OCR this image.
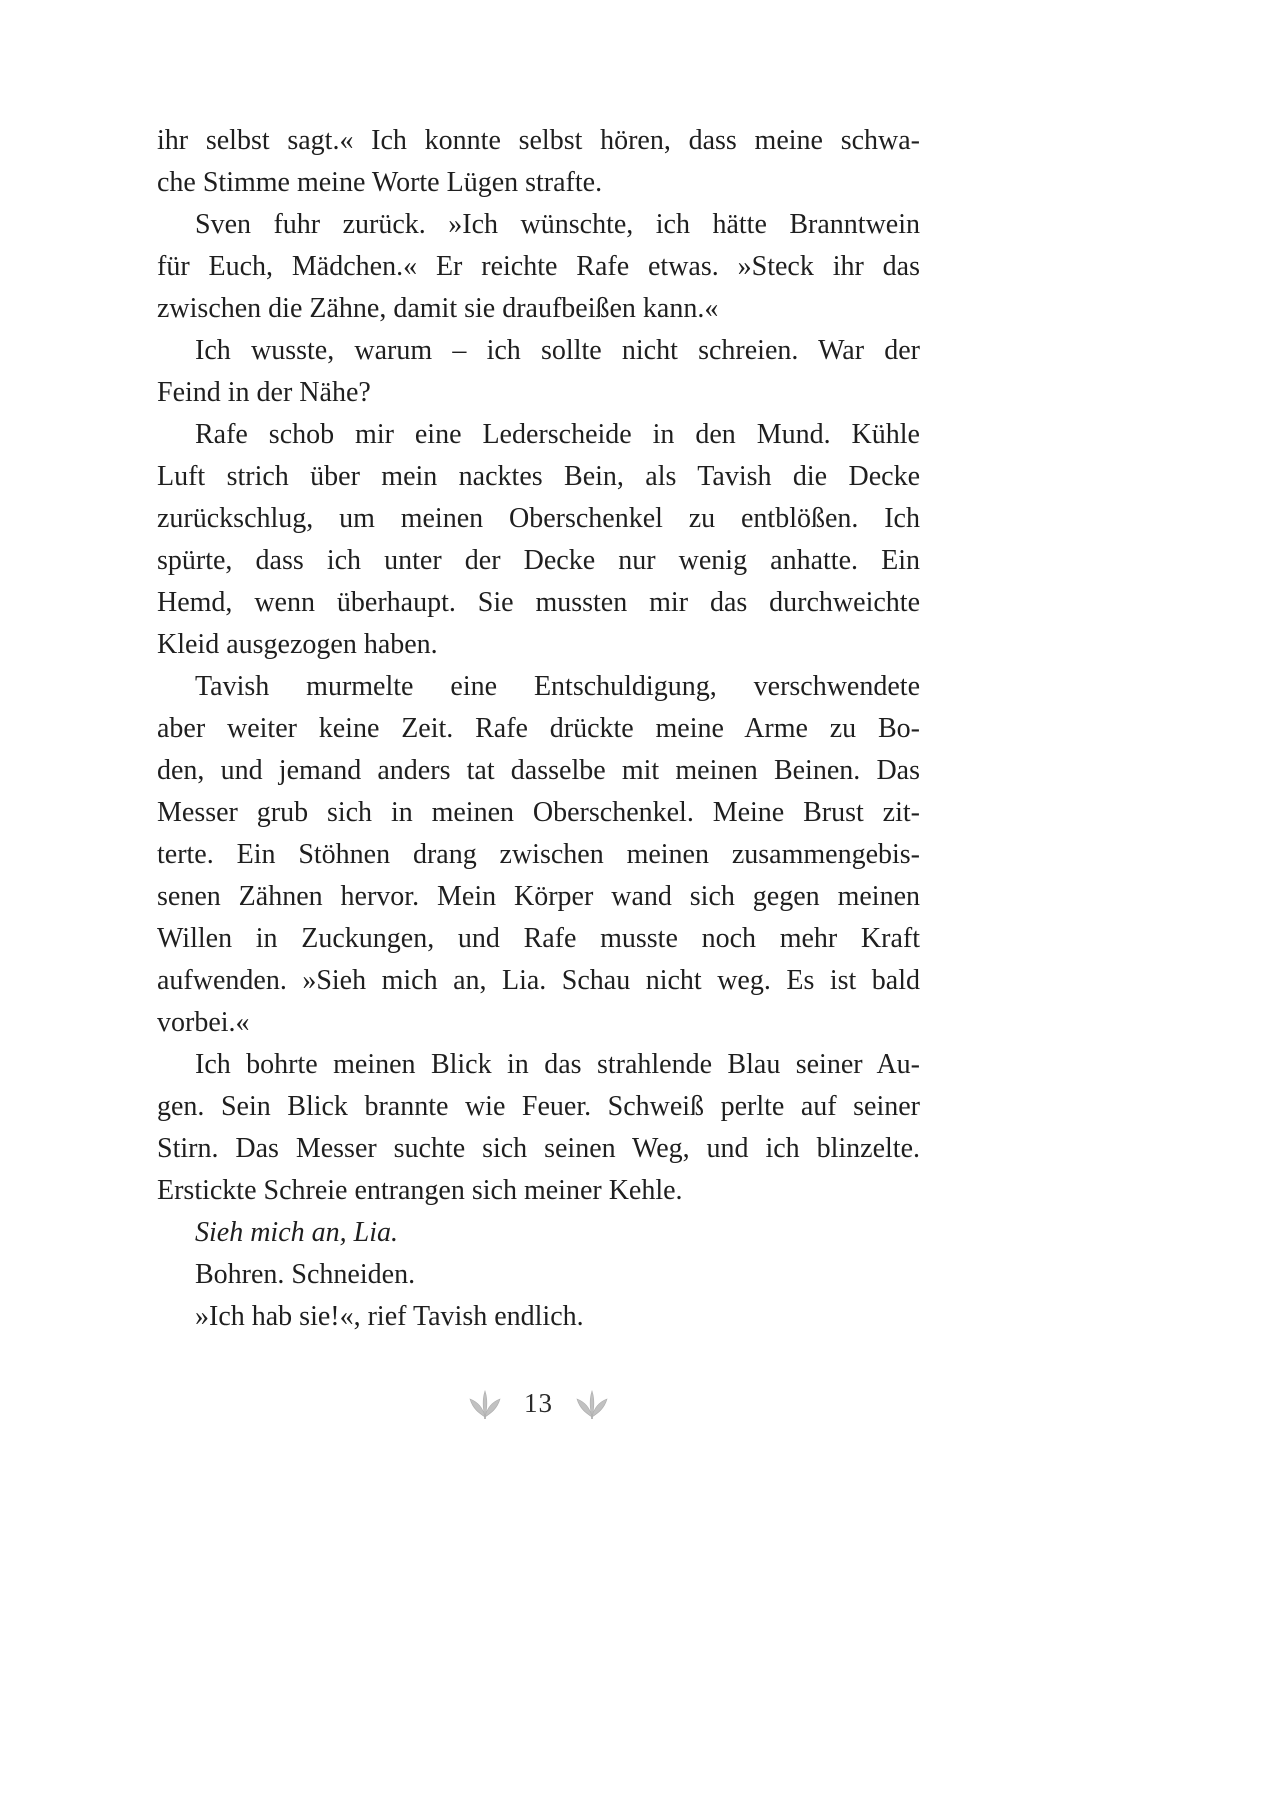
ihr selbst sagt.« Ich konnte selbst hören, dass meine schwa-
che Stimme meine Worte Lügen strafte.
Sven fuhr zurück. »Ich wünschte, ich hätte Branntwein
für Euch, Mädchen.« Er reichte Rafe etwas. »Steck ihr das
zwischen die Zähne, damit sie draufbeißen kann.«
Ich wusste, warum – ich sollte nicht schreien. War der
Feind in der Nähe?
Rafe schob mir eine Lederscheide in den Mund. Kühle
Luft strich über mein nacktes Bein, als Tavish die Decke
zurückschlug, um meinen Oberschenkel zu entblößen. Ich
spürte, dass ich unter der Decke nur wenig anhatte. Ein
Hemd, wenn überhaupt. Sie mussten mir das durchweichte
Kleid ausgezogen haben.
Tavish murmelte eine Entschuldigung, verschwendete
aber weiter keine Zeit. Rafe drückte meine Arme zu Bo-
den, und jemand anders tat dasselbe mit meinen Beinen. Das
Messer grub sich in meinen Oberschenkel. Meine Brust zit-
terte. Ein Stöhnen drang zwischen meinen zusammengebis-
senen Zähnen hervor. Mein Körper wand sich gegen meinen
Willen in Zuckungen, und Rafe musste noch mehr Kraft
aufwenden. »Sieh mich an, Lia. Schau nicht weg. Es ist bald
vorbei.«
Ich bohrte meinen Blick in das strahlende Blau seiner Au-
gen. Sein Blick brannte wie Feuer. Schweiß perlte auf seiner
Stirn. Das Messer suchte sich seinen Weg, und ich blinzelte.
Erstickte Schreie entrangen sich meiner Kehle.
Sieh mich an, Lia.
Bohren. Schneiden.
»Ich hab sie!«, rief Tavish endlich.
13
